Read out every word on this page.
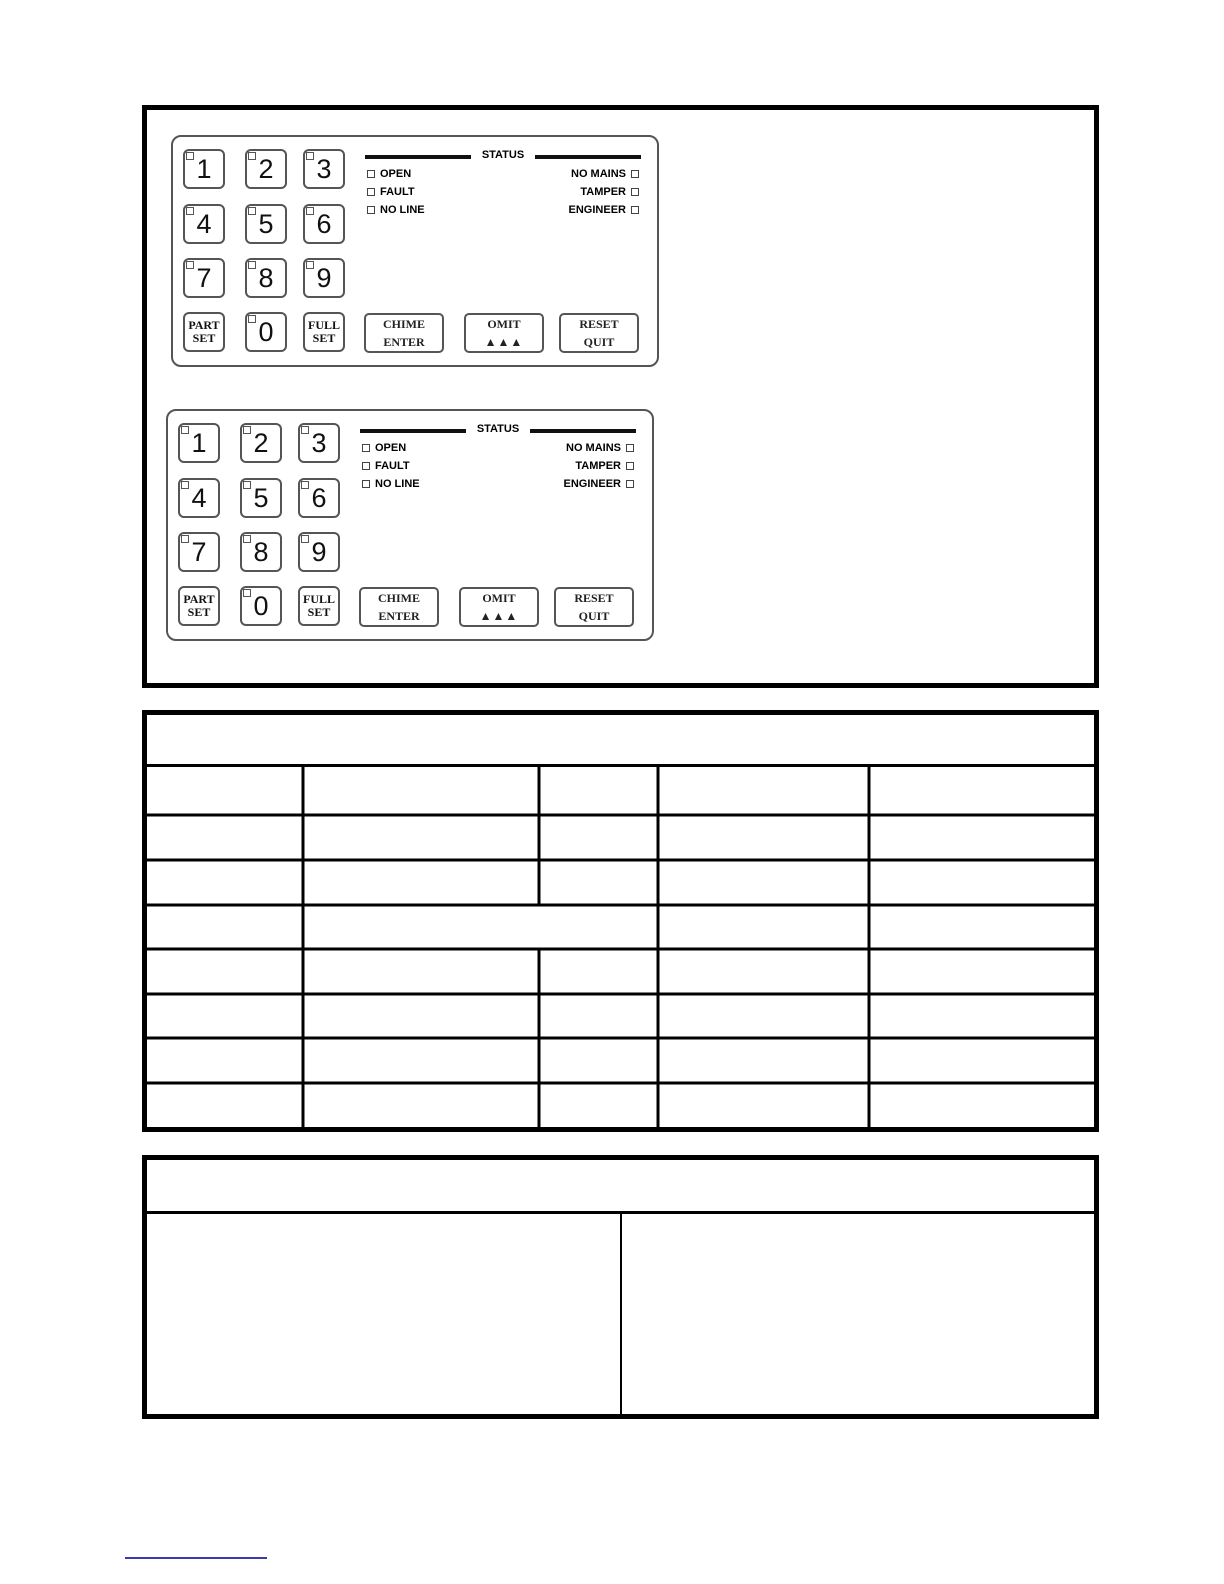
1 2 3
4 5 6
7 8 9
0
PART
SET
FULL
SET
CHIME
ENTER
OMIT
▲▲▲
RESET
QUIT
STATUS
OPEN
FAULT
NO LINE
NO MAINS
TAMPER
ENGINEER
1 2 3
4 5 6
7 8 9
0
PART
SET
FULL
SET
CHIME
ENTER
OMIT
▲▲▲
RESET
QUIT
STATUS
OPEN
FAULT
NO LINE
NO MAINS
TAMPER
ENGINEER
